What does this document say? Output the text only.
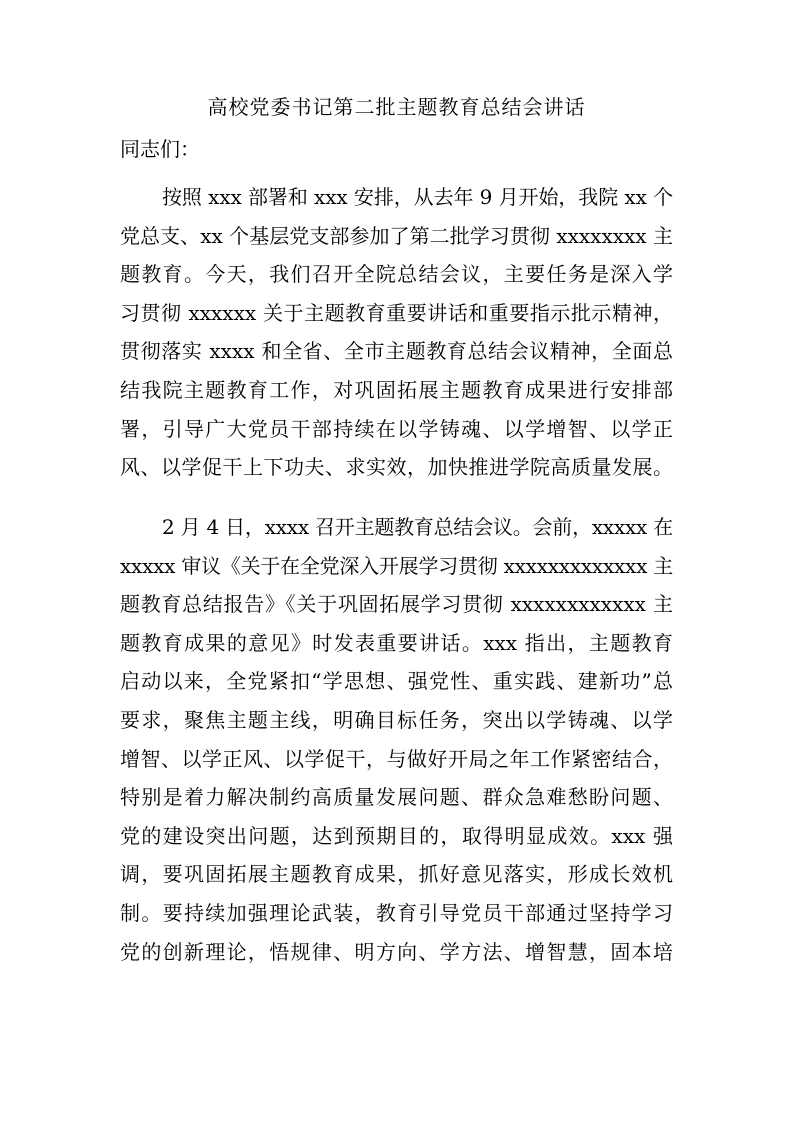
高校党委书记第二批主题教育总结会讲话
同志们：
按照 xxx 部署和 xxx 安排，从去年 9 月开始，我院 xx 个
党总支、xx 个基层党支部参加了第二批学习贯彻 xxxxxxxx 主
题教育。今天，我们召开全院总结会议，主要任务是深入学
习贯彻 xxxxxx 关于主题教育重要讲话和重要指示批示精神，
贯彻落实 xxxx 和全省、全市主题教育总结会议精神，全面总
结我院主题教育工作，对巩固拓展主题教育成果进行安排部
署，引导广大党员干部持续在以学铸魂、以学增智、以学正
风、以学促干上下功夫、求实效，加快推进学院高质量发展。
2 月 4 日，xxxx 召开主题教育总结会议。会前，xxxxx 在
xxxxx 审议《关于在全党深入开展学习贯彻 xxxxxxxxxxxxx 主
题教育总结报告》《关于巩固拓展学习贯彻 xxxxxxxxxxxx 主
题教育成果的意见》时发表重要讲话。xxx 指出，主题教育
启动以来，全党紧扣“学思想、强党性、重实践、建新功”总
要求，聚焦主题主线，明确目标任务，突出以学铸魂、以学
增智、以学正风、以学促干，与做好开局之年工作紧密结合，
特别是着力解决制约高质量发展问题、群众急难愁盼问题、
党的建设突出问题，达到预期目的，取得明显成效。xxx 强
调，要巩固拓展主题教育成果，抓好意见落实，形成长效机
制。要持续加强理论武装，教育引导党员干部通过坚持学习
党的创新理论，悟规律、明方向、学方法、增智慧，固本培
